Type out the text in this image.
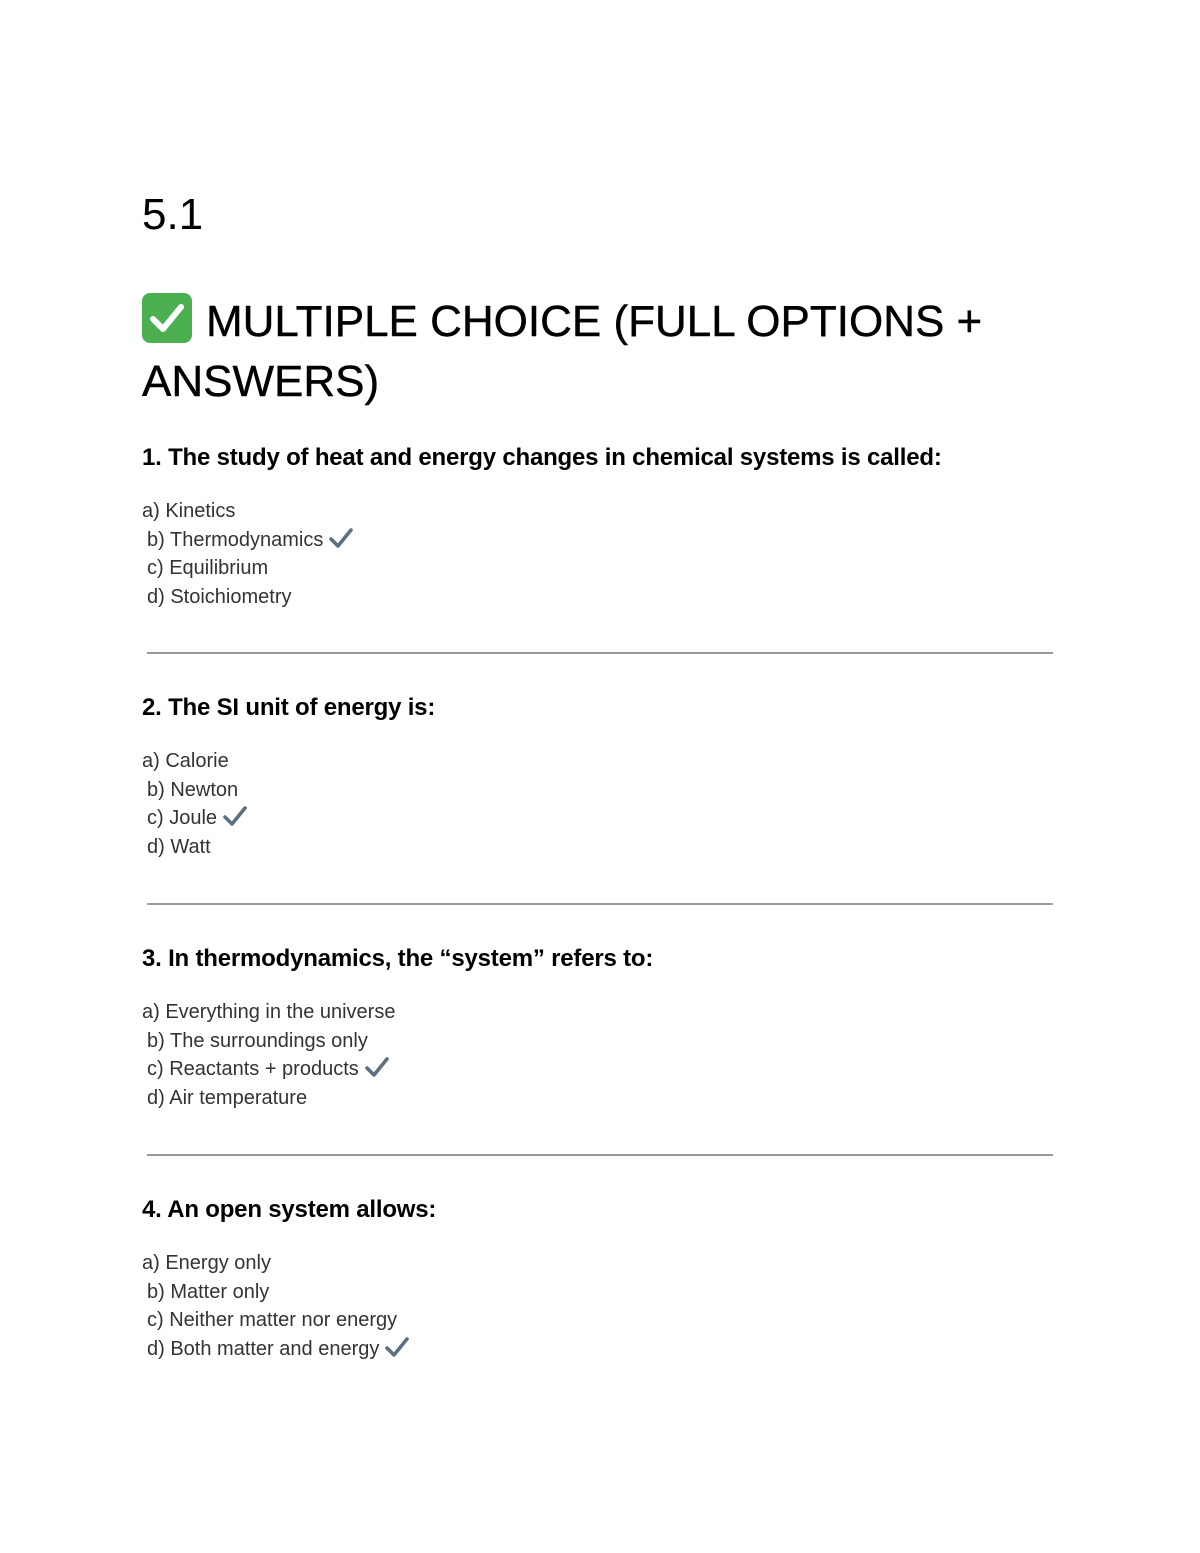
5.1
MULTIPLE CHOICE (FULL OPTIONS + ANSWERS)

1. The study of heat and energy changes in chemical systems is called:

a) Kinetics

b) Thermodynamics

c) Equilibrium

d) Stoichiometry

2. The SI unit of energy is:

a) Calorie

b) Newton

c) Joule

d) Watt

3. In thermodynamics, the “system” refers to:

a) Everything in the universe

b) The surroundings only

c) Reactants + products

d) Air temperature

4. An open system allows:

a) Energy only

b) Matter only

c) Neither matter nor energy

d) Both matter and energy
